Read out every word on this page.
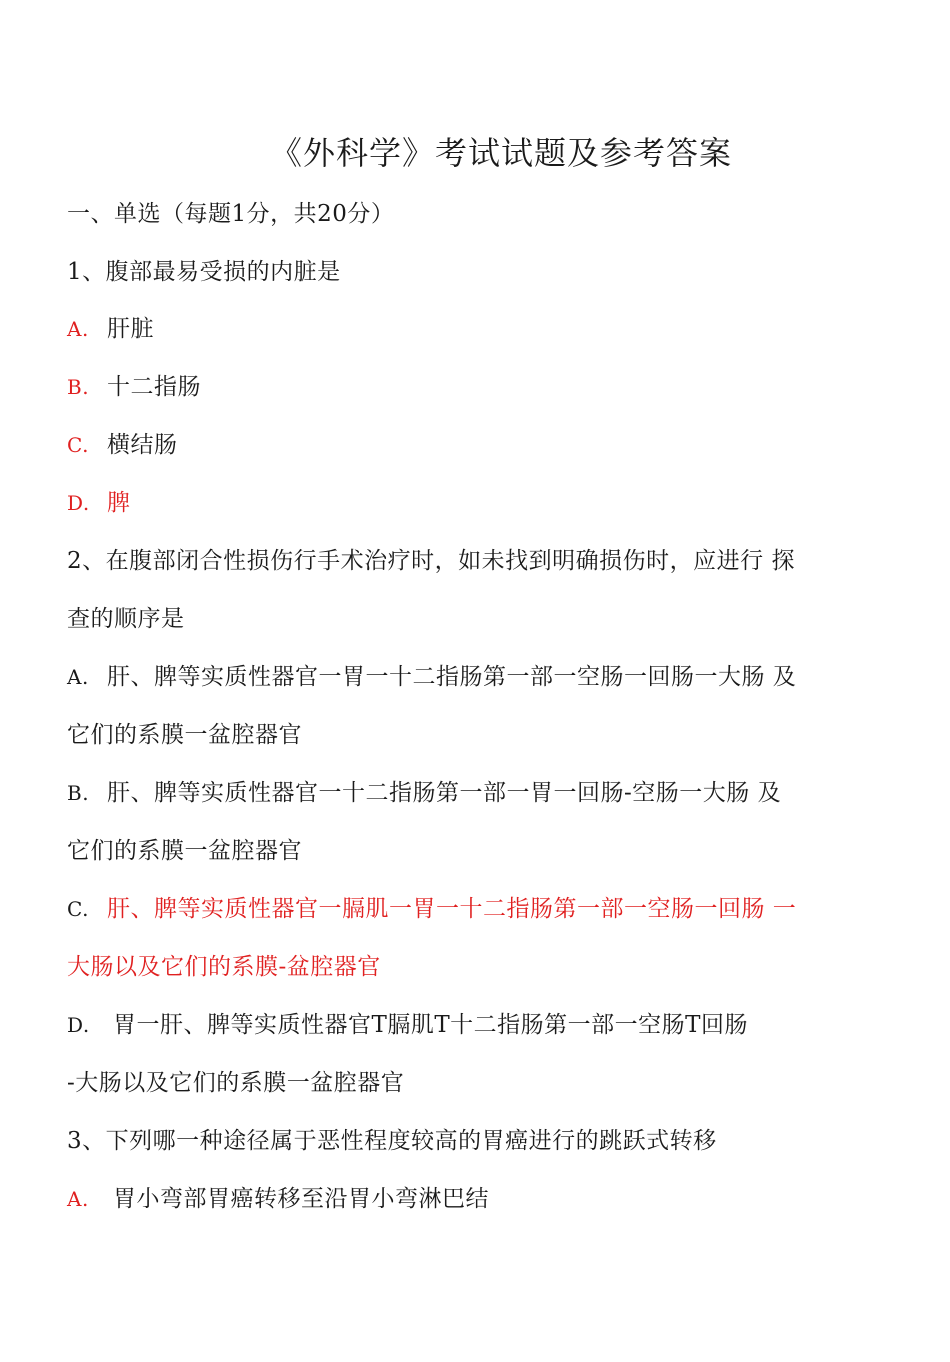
《外科学》考试试题及参考答案
一、单选（每题1分，共20分）
1、腹部最易受损的内脏是
A. 肝脏
B. 十二指肠
C. 横结肠
D. 脾
2、在腹部闭合性损伤行手术治疗时，如未找到明确损伤时，应进行 探
查的顺序是
A. 肝、脾等实质性器官一胃一十二指肠第一部一空肠一回肠一大肠 及
它们的系膜一盆腔器官
B. 肝、脾等实质性器官一十二指肠第一部一胃一回肠-空肠一大肠 及
它们的系膜一盆腔器官
C. 肝、脾等实质性器官一膈肌一胃一十二指肠第一部一空肠一回肠 一
大肠以及它们的系膜-盆腔器官
D. 胃一肝、脾等实质性器官T膈肌T十二指肠第一部一空肠T回肠
-大肠以及它们的系膜一盆腔器官
3、下列哪一种途径属于恶性程度较高的胃癌进行的跳跃式转移
A. 胃小弯部胃癌转移至沿胃小弯淋巴结
